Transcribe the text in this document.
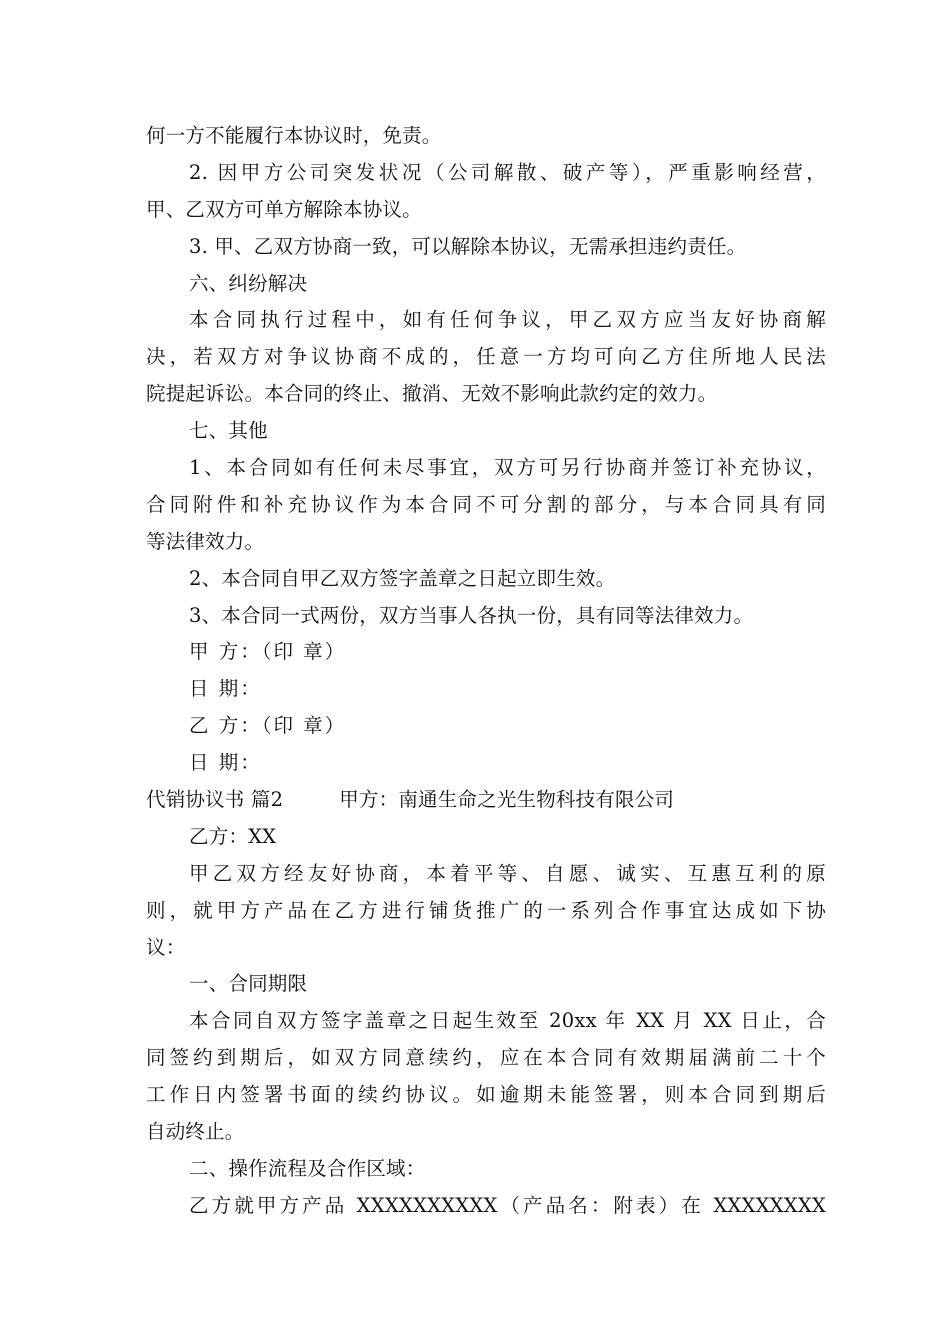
何一方不能履行本协议时，免责。
2. 因甲方公司突发状况（公司解散、破产等），严重影响经营，
甲、乙双方可单方解除本协议。
3. 甲、乙双方协商一致，可以解除本协议，无需承担违约责任。
六、纠纷解决
本合同执行过程中，如有任何争议，甲乙双方应当友好协商解
决，若双方对争议协商不成的，任意一方均可向乙方住所地人民法
院提起诉讼。本合同的终止、撤消、无效不影响此款约定的效力。
七、其他
1、本合同如有任何未尽事宜，双方可另行协商并签订补充协议，
合同附件和补充协议作为本合同不可分割的部分，与本合同具有同
等法律效力。
2、本合同自甲乙双方签字盖章之日起立即生效。
3、本合同一式两份，双方当事人各执一份，具有同等法律效力。
甲 方：（印 章）
日 期：
乙 方：（印 章）
日 期：
代销协议书 篇2	甲方：南通生命之光生物科技有限公司
乙方：XX
甲乙双方经友好协商，本着平等、自愿、诚实、互惠互利的原
则，就甲方产品在乙方进行铺货推广的一系列合作事宜达成如下协
议：
一、合同期限
本合同自双方签字盖章之日起生效至 20xx 年 XX 月 XX 日止，合
同签约到期后，如双方同意续约，应在本合同有效期届满前二十个
工作日内签署书面的续约协议。如逾期未能签署，则本合同到期后
自动终止。
二、操作流程及合作区域：
乙方就甲方产品 XXXXXXXXXX（产品名：附表）在 XXXXXXXX
